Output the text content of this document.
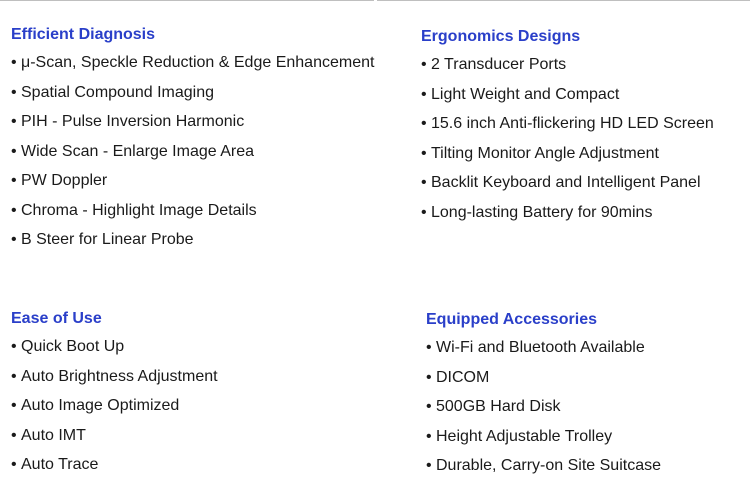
Efficient Diagnosis
• μ-Scan, Speckle Reduction & Edge Enhancement
• Spatial Compound Imaging
• PIH - Pulse Inversion Harmonic
• Wide Scan - Enlarge Image Area
• PW Doppler
• Chroma - Highlight Image Details
• B Steer for Linear Probe
Ergonomics Designs
• 2 Transducer Ports
• Light Weight and Compact
• 15.6 inch Anti-flickering HD LED Screen
• Tilting Monitor Angle Adjustment
• Backlit Keyboard and Intelligent Panel
• Long-lasting Battery for 90mins
Ease of Use
• Quick Boot Up
• Auto Brightness Adjustment
• Auto Image Optimized
• Auto IMT
• Auto Trace
Equipped Accessories
• Wi-Fi and Bluetooth Available
• DICOM
• 500GB Hard Disk
• Height Adjustable Trolley
• Durable, Carry-on Site Suitcase
